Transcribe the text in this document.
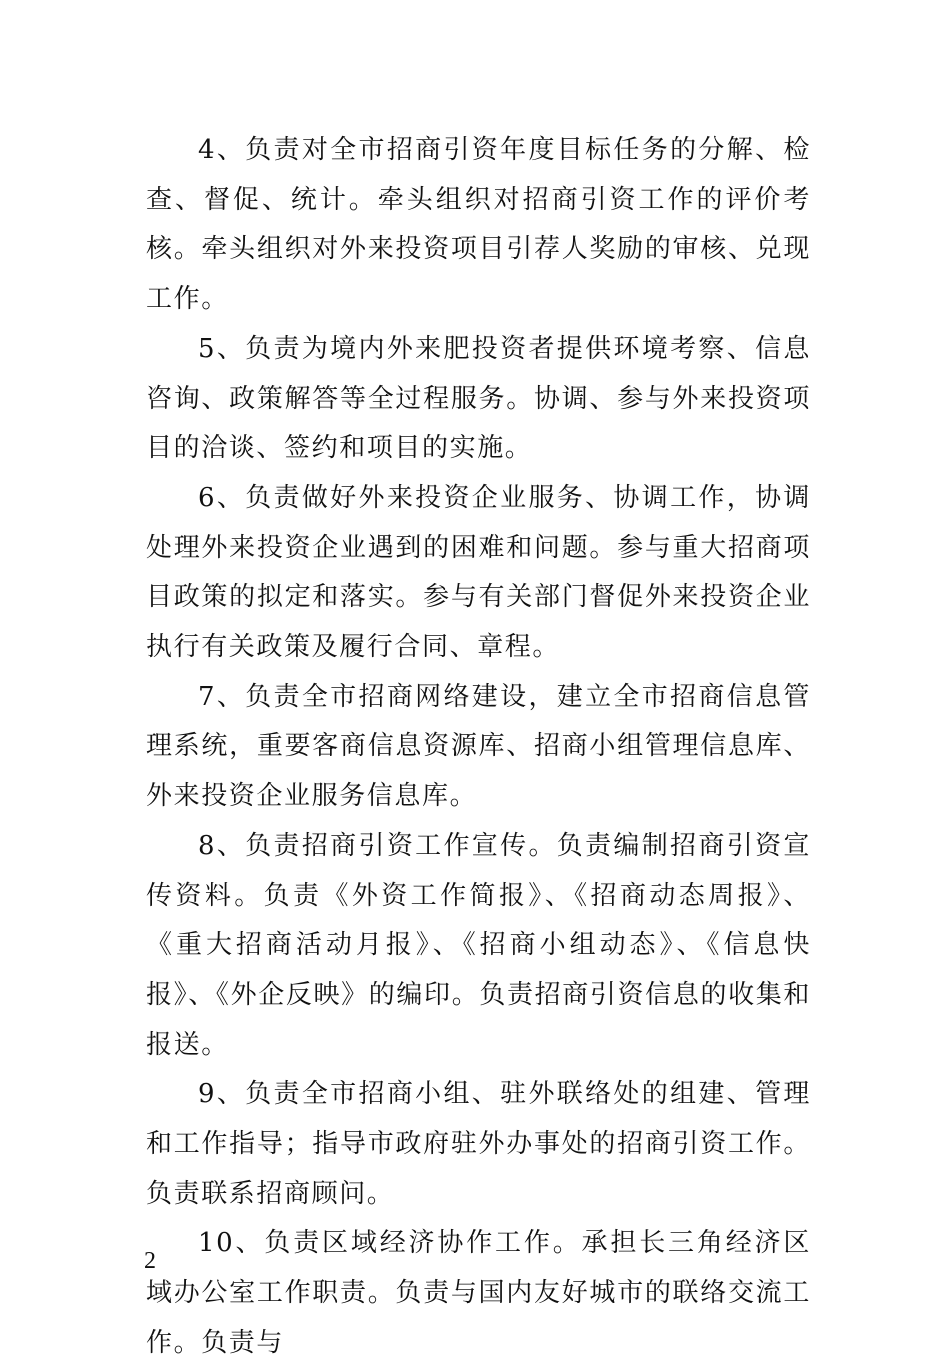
4、负责对全市招商引资年度目标任务的分解、检查、督促、统计。牵头组织对招商引资工作的评价考核。牵头组织对外来投资项目引荐人奖励的审核、兑现工作。

5、负责为境内外来肥投资者提供环境考察、信息咨询、政策解答等全过程服务。协调、参与外来投资项目的洽谈、签约和项目的实施。

6、负责做好外来投资企业服务、协调工作，协调处理外来投资企业遇到的困难和问题。参与重大招商项目政策的拟定和落实。参与有关部门督促外来投资企业执行有关政策及履行合同、章程。

7、负责全市招商网络建设，建立全市招商信息管理系统，重要客商信息资源库、招商小组管理信息库、外来投资企业服务信息库。

8、负责招商引资工作宣传。负责编制招商引资宣传资料。负责《外资工作简报》、《招商动态周报》、《重大招商活动月报》、《招商小组动态》、《信息快报》、《外企反映》的编印。负责招商引资信息的收集和报送。

9、负责全市招商小组、驻外联络处的组建、管理和工作指导；指导市政府驻外办事处的招商引资工作。负责联系招商顾问。

10、负责区域经济协作工作。承担长三角经济区域办公室工作职责。负责与国内友好城市的联络交流工作。负责与

2
